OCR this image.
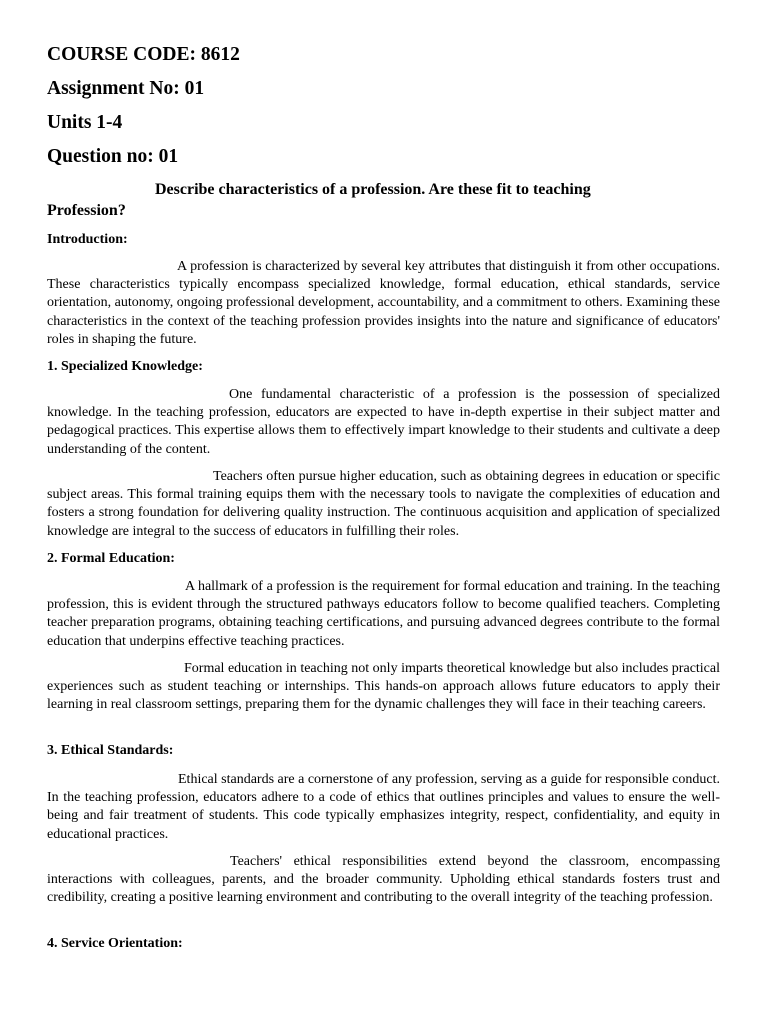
COURSE CODE: 8612
Assignment No: 01
Units 1-4
Question no: 01
Describe characteristics of a profession. Are these fit to teaching
Profession?
Introduction:
A profession is characterized by several key attributes that distinguish it from other occupations. These characteristics typically encompass specialized knowledge, formal education, ethical standards, service orientation, autonomy, ongoing professional development, accountability, and a commitment to others. Examining these characteristics in the context of the teaching profession provides insights into the nature and significance of educators' roles in shaping the future.
1. Specialized Knowledge:
One fundamental characteristic of a profession is the possession of specialized knowledge. In the teaching profession, educators are expected to have in-depth expertise in their subject matter and pedagogical practices. This expertise allows them to effectively impart knowledge to their students and cultivate a deep understanding of the content.
Teachers often pursue higher education, such as obtaining degrees in education or specific subject areas. This formal training equips them with the necessary tools to navigate the complexities of education and fosters a strong foundation for delivering quality instruction. The continuous acquisition and application of specialized knowledge are integral to the success of educators in fulfilling their roles.
2. Formal Education:
A hallmark of a profession is the requirement for formal education and training. In the teaching profession, this is evident through the structured pathways educators follow to become qualified teachers. Completing teacher preparation programs, obtaining teaching certifications, and pursuing advanced degrees contribute to the formal education that underpins effective teaching practices.
Formal education in teaching not only imparts theoretical knowledge but also includes practical experiences such as student teaching or internships. This hands-on approach allows future educators to apply their learning in real classroom settings, preparing them for the dynamic challenges they will face in their teaching careers.
3. Ethical Standards:
Ethical standards are a cornerstone of any profession, serving as a guide for responsible conduct. In the teaching profession, educators adhere to a code of ethics that outlines principles and values to ensure the well-being and fair treatment of students. This code typically emphasizes integrity, respect, confidentiality, and equity in educational practices.
Teachers' ethical responsibilities extend beyond the classroom, encompassing interactions with colleagues, parents, and the broader community. Upholding ethical standards fosters trust and credibility, creating a positive learning environment and contributing to the overall integrity of the teaching profession.
4. Service Orientation:
